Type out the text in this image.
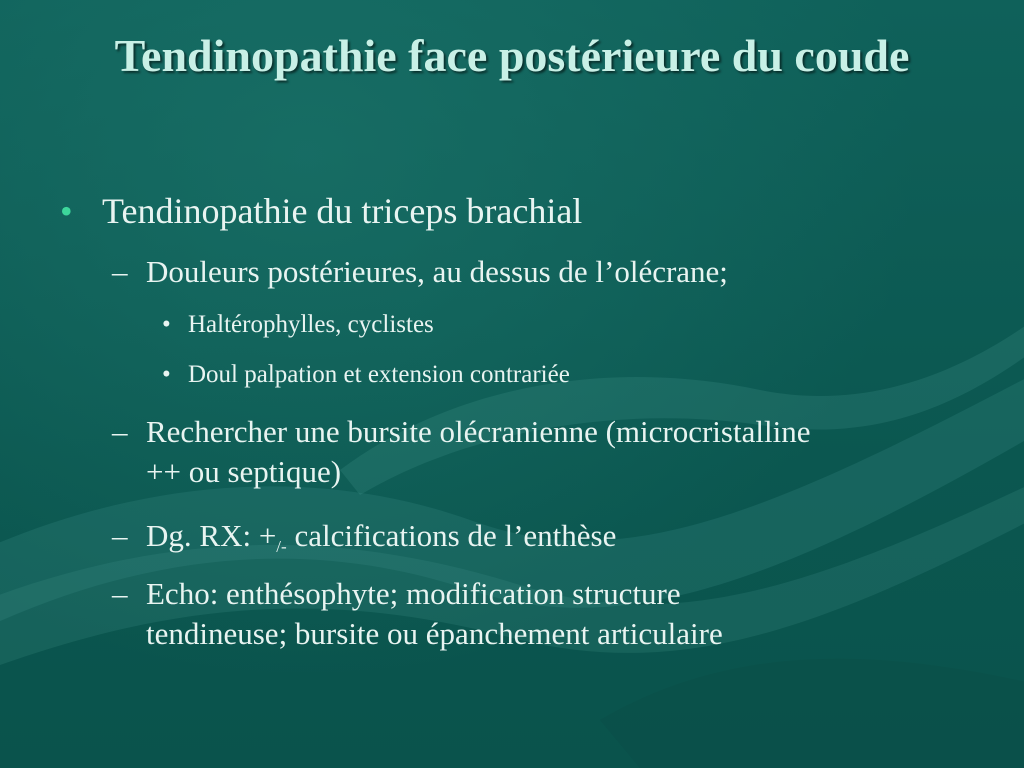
Tendinopathie face postérieure du coude
• Tendinopathie du triceps brachial
– Douleurs postérieures, au dessus de l’olécrane;
• Haltérophylles, cyclistes
• Doul palpation et extension contrariée
– Rechercher une bursite olécranienne (microcristalline
++ ou septique)
– Dg. RX: $+_{/-}$ calcifications de l’enthèse
– Echo: enthésophyte; modification structure
tendineuse; bursite ou épanchement articulaire
